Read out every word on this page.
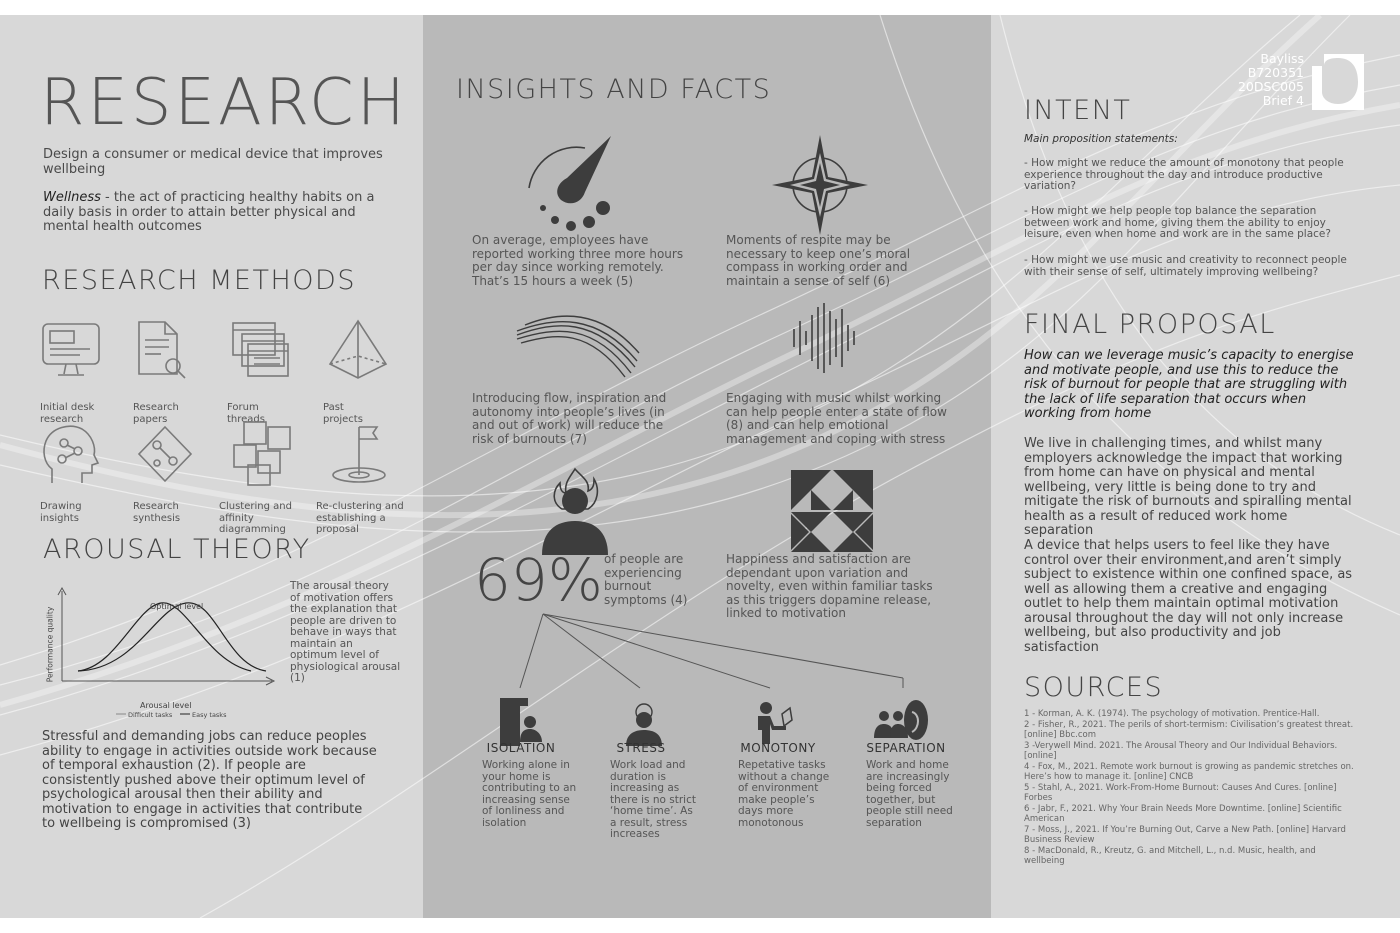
RESEARCH
Design a consumer or medical device that improves wellbeing
Wellness - the act of practicing healthy habits on a daily basis in order to attain better physical and mental health outcomes
RESEARCH METHODS
Initial desk research
Research papers
Forum threads
Past projects
Drawing insights
Research synthesis
Clustering and affinity diagramming
Re-clustering and establishing a proposal
AROUSAL THEORY
Optimal level
Performance quality
Arousal level
Difficult tasks	Easy tasks
The arousal theory of motivation offers the explanation that people are driven to behave in ways that maintain an optimum level of physiological arousal (1)
Stressful and demanding jobs can reduce peoples ability to engage in activities outside work because of temporal exhaustion (2). If people are consistently pushed above their optimum level of psychological arousal then their ability and motivation to engage in activities that contribute to wellbeing is compromised (3)
INSIGHTS AND FACTS
On average, employees have reported working three more hours per day since working remotely. That’s 15 hours a week (5)
Moments of respite may be necessary to keep one’s moral compass in working order and maintain a sense of self (6)
Introducing flow, inspiration and autonomy into people’s lives (in and out of work) will reduce the risk of burnouts (7)
Engaging with music whilst working can help people enter a state of flow (8) and can help emotional management and coping with stress
69% of people are experiencing burnout symptoms (4)
Happiness and satisfaction are dependant upon variation and novelty, even within familiar tasks as this triggers dopamine release, linked to motivation
ISOLATION	STRESS	MONOTONY	SEPARATION
Working alone in your home is contributing to an increasing sense of lonliness and isolation
Work load and duration is increasing as there is no strict ‘home time’. As a result, stress increases
Repetative tasks without a change of environment make people’s days more monotonous
Work and home are increasingly being forced together, but people still need separation
Bayliss
B720351
20DSC005
Brief 4
INTENT
Main proposition statements:
- How might we reduce the amount of monotony that people experience throughout the day and introduce productive variation?
- How might we help people top balance the separation between work and home, giving them the ability to enjoy leisure, even when home and work are in the same place?
- How might we use music and creativity to reconnect people with their sense of self, ultimately improving wellbeing?
FINAL PROPOSAL
How can we leverage music’s capacity to energise and motivate people, and use this to reduce the risk of burnout for people that are struggling with the lack of life separation that occurs when working from home
We live in challenging times, and whilst many employers acknowledge the impact that working from home can have on physical and mental wellbeing, very little is being done to try and mitigate the risk of burnouts and spiralling mental health as a result of reduced work home separation
A device that helps users to feel like they have control over their environment,and aren’t simply subject to existence within one confined space, as well as allowing them a creative and engaging outlet to help them maintain optimal motivation arousal throughout the day will not only increase wellbeing, but also productivity and job satisfaction
SOURCES
1 - Korman, A. K. (1974). The psychology of motivation. Prentice-Hall.
2 - Fisher, R., 2021. The perils of short-termism: Civilisation’s greatest threat. [online] Bbc.com
3 -Verywell Mind. 2021. The Arousal Theory and Our Individual Behaviors. [online]
4 - Fox, M., 2021. Remote work burnout is growing as pandemic stretches on. Here’s how to manage it. [online] CNCB
5 - Stahl, A., 2021. Work-From-Home Burnout: Causes And Cures. [online] Forbes
6 - Jabr, F., 2021. Why Your Brain Needs More Downtime. [online] Scientific American
7 - Moss, J., 2021. If You’re Burning Out, Carve a New Path. [online] Harvard Business Review
8 - MacDonald, R., Kreutz, G. and Mitchell, L., n.d. Music, health, and wellbeing
